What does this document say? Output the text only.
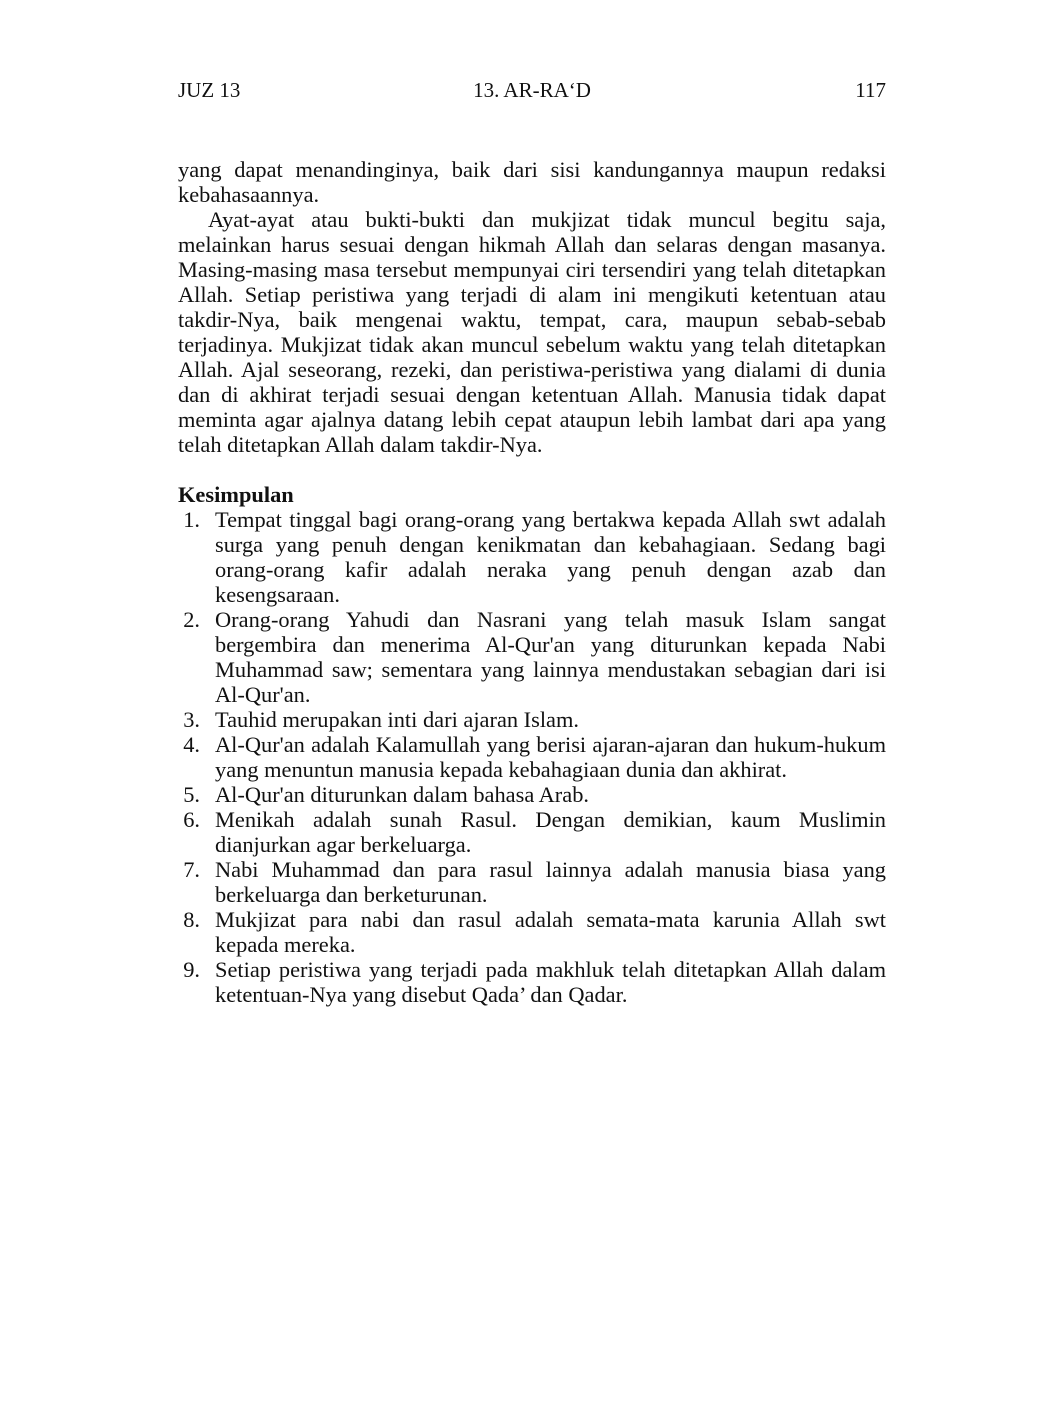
JUZ 13	13. AR-RA‘D	117

yang dapat menandinginya, baik dari sisi kandungannya maupun redaksi kebahasaannya.

Ayat-ayat atau bukti-bukti dan mukjizat tidak muncul begitu saja, melainkan harus sesuai dengan hikmah Allah dan selaras dengan masanya. Masing-masing masa tersebut mempunyai ciri tersendiri yang telah ditetapkan Allah. Setiap peristiwa yang terjadi di alam ini mengikuti ketentuan atau takdir-Nya, baik mengenai waktu, tempat, cara, maupun sebab-sebab terjadinya. Mukjizat tidak akan muncul sebelum waktu yang telah ditetapkan Allah. Ajal seseorang, rezeki, dan peristiwa-peristiwa yang dialami di dunia dan di akhirat terjadi sesuai dengan ketentuan Allah. Manusia tidak dapat meminta agar ajalnya datang lebih cepat ataupun lebih lambat dari apa yang telah ditetapkan Allah dalam takdir-Nya.

Kesimpulan
1. Tempat tinggal bagi orang-orang yang bertakwa kepada Allah swt adalah surga yang penuh dengan kenikmatan dan kebahagiaan. Sedang bagi orang-orang kafir adalah neraka yang penuh dengan azab dan kesengsaraan.
2. Orang-orang Yahudi dan Nasrani yang telah masuk Islam sangat bergembira dan menerima Al-Qur'an yang diturunkan kepada Nabi Muhammad saw; sementara yang lainnya mendustakan sebagian dari isi Al-Qur'an.
3. Tauhid merupakan inti dari ajaran Islam.
4. Al-Qur'an adalah Kalamullah yang berisi ajaran-ajaran dan hukum-hukum yang menuntun manusia kepada kebahagiaan dunia dan akhirat.
5. Al-Qur'an diturunkan dalam bahasa Arab.
6. Menikah adalah sunah Rasul. Dengan demikian, kaum Muslimin dianjurkan agar berkeluarga.
7. Nabi Muhammad dan para rasul lainnya adalah manusia biasa yang berkeluarga dan berketurunan.
8. Mukjizat para nabi dan rasul adalah semata-mata karunia Allah swt kepada mereka.
9. Setiap peristiwa yang terjadi pada makhluk telah ditetapkan Allah dalam ketentuan-Nya yang disebut Qada’ dan Qadar.
